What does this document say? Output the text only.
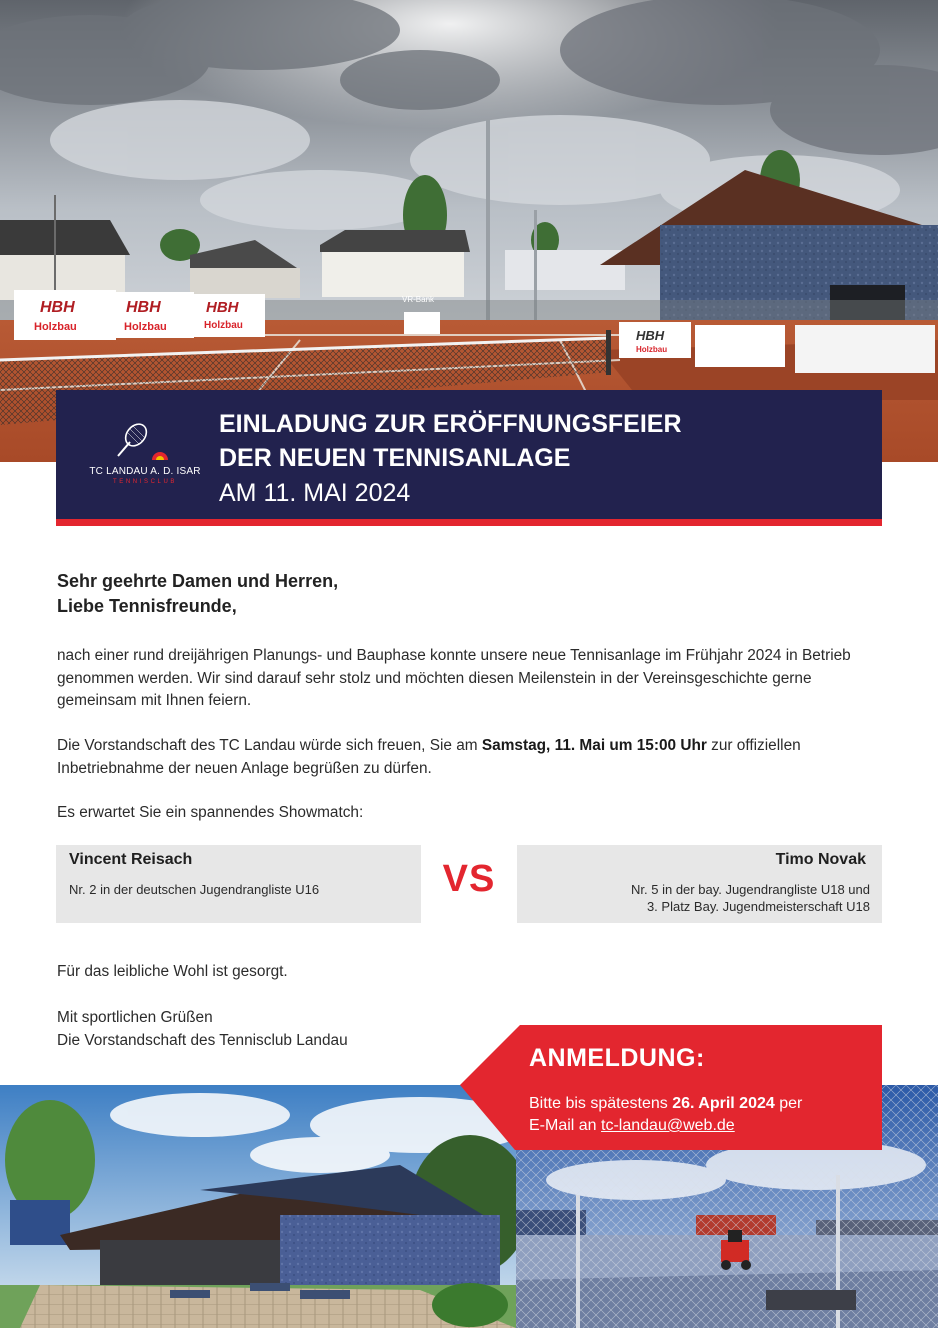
HBH
Holzbau
HBH
Holzbau
HBH
Holzbau
HBH
Holzbau
VR-Bank
TC LANDAU A. D. ISAR
TENNISCLUB
EINLADUNG ZUR ERÖFFNUNGSFEIER
DER NEUEN TENNISANLAGE
AM 11. MAI 2024
Sehr geehrte Damen und Herren,
Liebe Tennisfreunde,
nach einer rund dreijährigen Planungs- und Bauphase konnte unsere neue Tennisanlage im Frühjahr 2024 in Betrieb genommen werden. Wir sind darauf sehr stolz und möchten diesen Meilenstein in der Vereinsgeschichte gerne gemeinsam mit Ihnen feiern.
Die Vorstandschaft des TC Landau würde sich freuen, Sie am Samstag, 11. Mai um 15:00 Uhr zur offiziellen Inbetriebnahme der neuen Anlage begrüßen zu dürfen.
Es erwartet Sie ein spannendes Showmatch:
Vincent Reisach
Nr. 2 in der deutschen Jugendrangliste U16	VS	Timo Novak
Nr. 5 in der bay. Jugendrangliste U18 und
3. Platz Bay. Jugendmeisterschaft U18
Für das leibliche Wohl ist gesorgt.
Mit sportlichen Grüßen
Die Vorstandschaft des Tennisclub Landau
ANMELDUNG:
Bitte bis spätestens 26. April 2024 per
E-Mail an tc-landau@web.de
